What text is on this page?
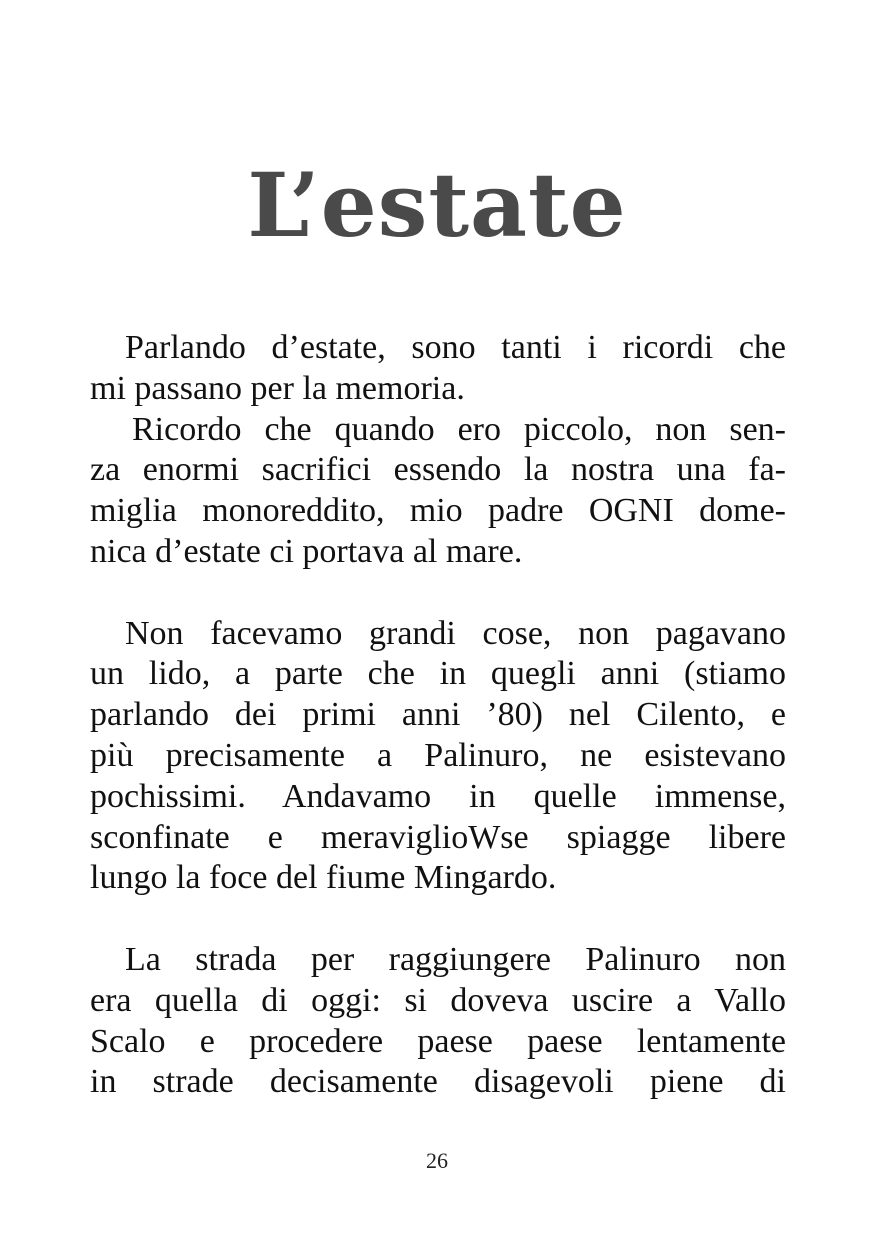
L’estate
Parlando d’estate, sono tanti i ricordi che
mi passano per la memoria.
Ricordo che quando ero piccolo, non sen-
za enormi sacrifici essendo la nostra una fa-
miglia monoreddito, mio padre OGNI dome-
nica d’estate ci portava al mare.
Non facevamo grandi cose, non pagavano
un lido, a parte che in quegli anni (stiamo
parlando dei primi anni ’80) nel Cilento, e
più precisamente a Palinuro, ne esistevano
pochissimi. Andavamo in quelle immense,
sconfinate e meraviglioWse spiagge libere
lungo la foce del fiume Mingardo.
La strada per raggiungere Palinuro non
era quella di oggi: si doveva uscire a Vallo
Scalo e procedere paese paese lentamente
in strade decisamente disagevoli piene di
26
